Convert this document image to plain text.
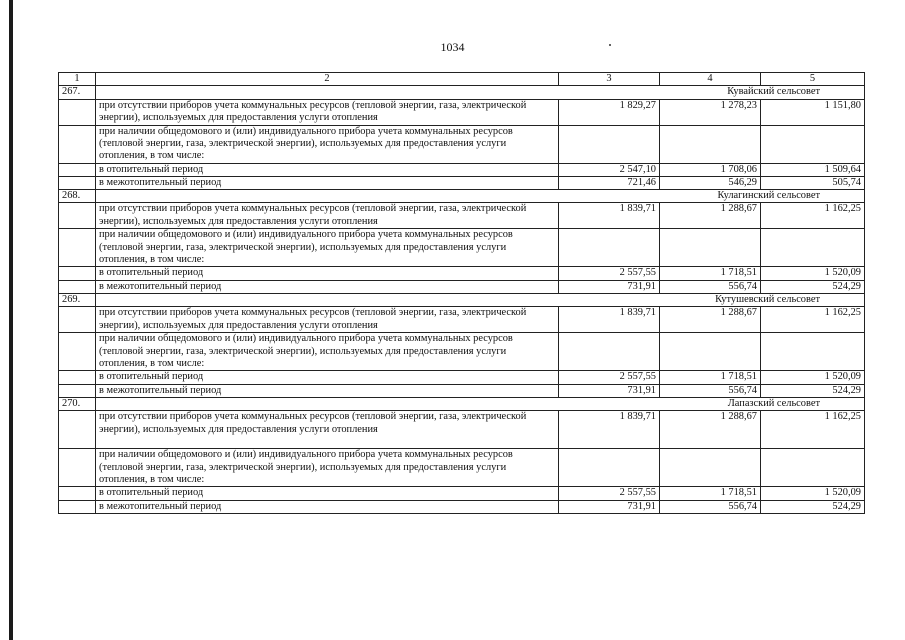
1034
1	2	3	4	5
267.	Кувайский сельсовет			
	при отсутствии приборов учета коммунальных ресурсов (тепловой энергии, газа, электрической энергии), используемых для предоставления услуги отопления	1 829,27	1 278,23	1 151,80
	при наличии общедомового и (или) индивидуального прибора учета коммунальных ресурсов (тепловой энергии, газа, электрической энергии), используемых для предоставления услуги отопления, в том числе:			
	в отопительный период	2 547,10	1 708,06	1 509,64
	в межотопительный период	721,46	546,29	505,74
268.	Кулагинский сельсовет			
	при отсутствии приборов учета коммунальных ресурсов (тепловой энергии, газа, электрической энергии), используемых для предоставления услуги отопления	1 839,71	1 288,67	1 162,25
	при наличии общедомового и (или) индивидуального прибора учета коммунальных ресурсов (тепловой энергии, газа, электрической энергии), используемых для предоставления услуги отопления, в том числе:			
	в отопительный период	2 557,55	1 718,51	1 520,09
	в межотопительный период	731,91	556,74	524,29
269.	Кутушевский сельсовет			
	при отсутствии приборов учета коммунальных ресурсов (тепловой энергии, газа, электрической энергии), используемых для предоставления услуги отопления	1 839,71	1 288,67	1 162,25
	при наличии общедомового и (или) индивидуального прибора учета коммунальных ресурсов (тепловой энергии, газа, электрической энергии), используемых для предоставления услуги отопления, в том числе:			
	в отопительный период	2 557,55	1 718,51	1 520,09
	в межотопительный период	731,91	556,74	524,29
270.	Лапазский сельсовет			
	при отсутствии приборов учета коммунальных ресурсов (тепловой энергии, газа, электрической энергии), используемых для предоставления услуги отопления	1 839,71	1 288,67	1 162,25
	при наличии общедомового и (или) индивидуального прибора учета коммунальных ресурсов (тепловой энергии, газа, электрической энергии), используемых для предоставления услуги отопления, в том числе:			
	в отопительный период	2 557,55	1 718,51	1 520,09
	в межотопительный период	731,91	556,74	524,29
